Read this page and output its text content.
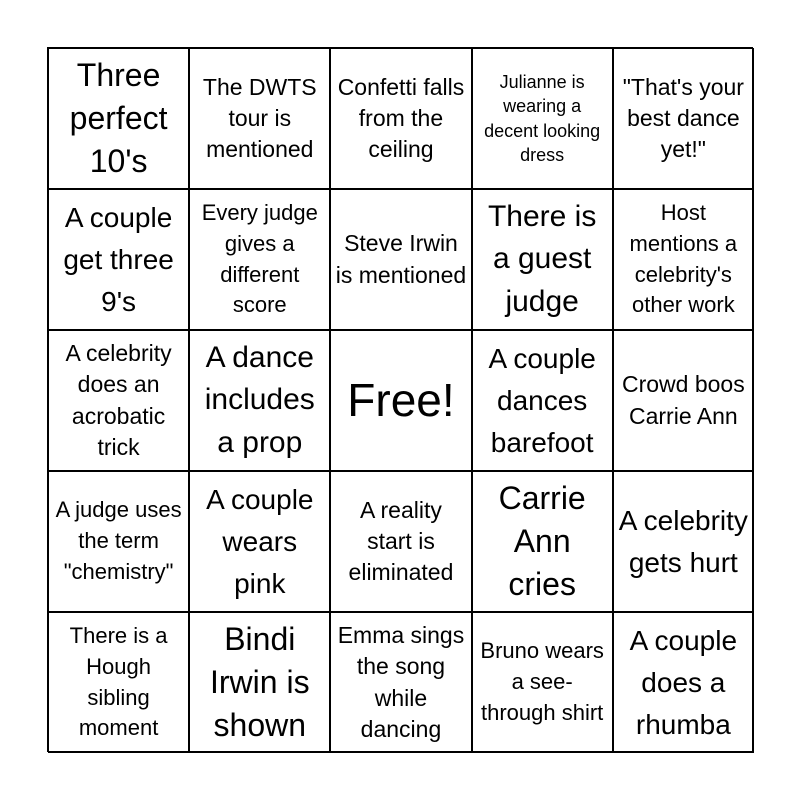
Three perfect 10's
The DWTS tour is mentioned
Confetti falls from the ceiling
Julianne is wearing a decent looking dress
"That's your best dance yet!"
A couple get three 9's
Every judge gives a different score
Steve Irwin is mentioned
There is a guest judge
Host mentions a celebrity's other work
A celebrity does an acrobatic trick
A dance includes a prop
Free!
A couple dances barefoot
Crowd boos Carrie Ann
A judge uses the term "chemistry"
A couple wears pink
A reality start is eliminated
Carrie Ann cries
A celebrity gets hurt
There is a Hough sibling moment
Bindi Irwin is shown
Emma sings the song while dancing
Bruno wears a see-through shirt
A couple does a rhumba
